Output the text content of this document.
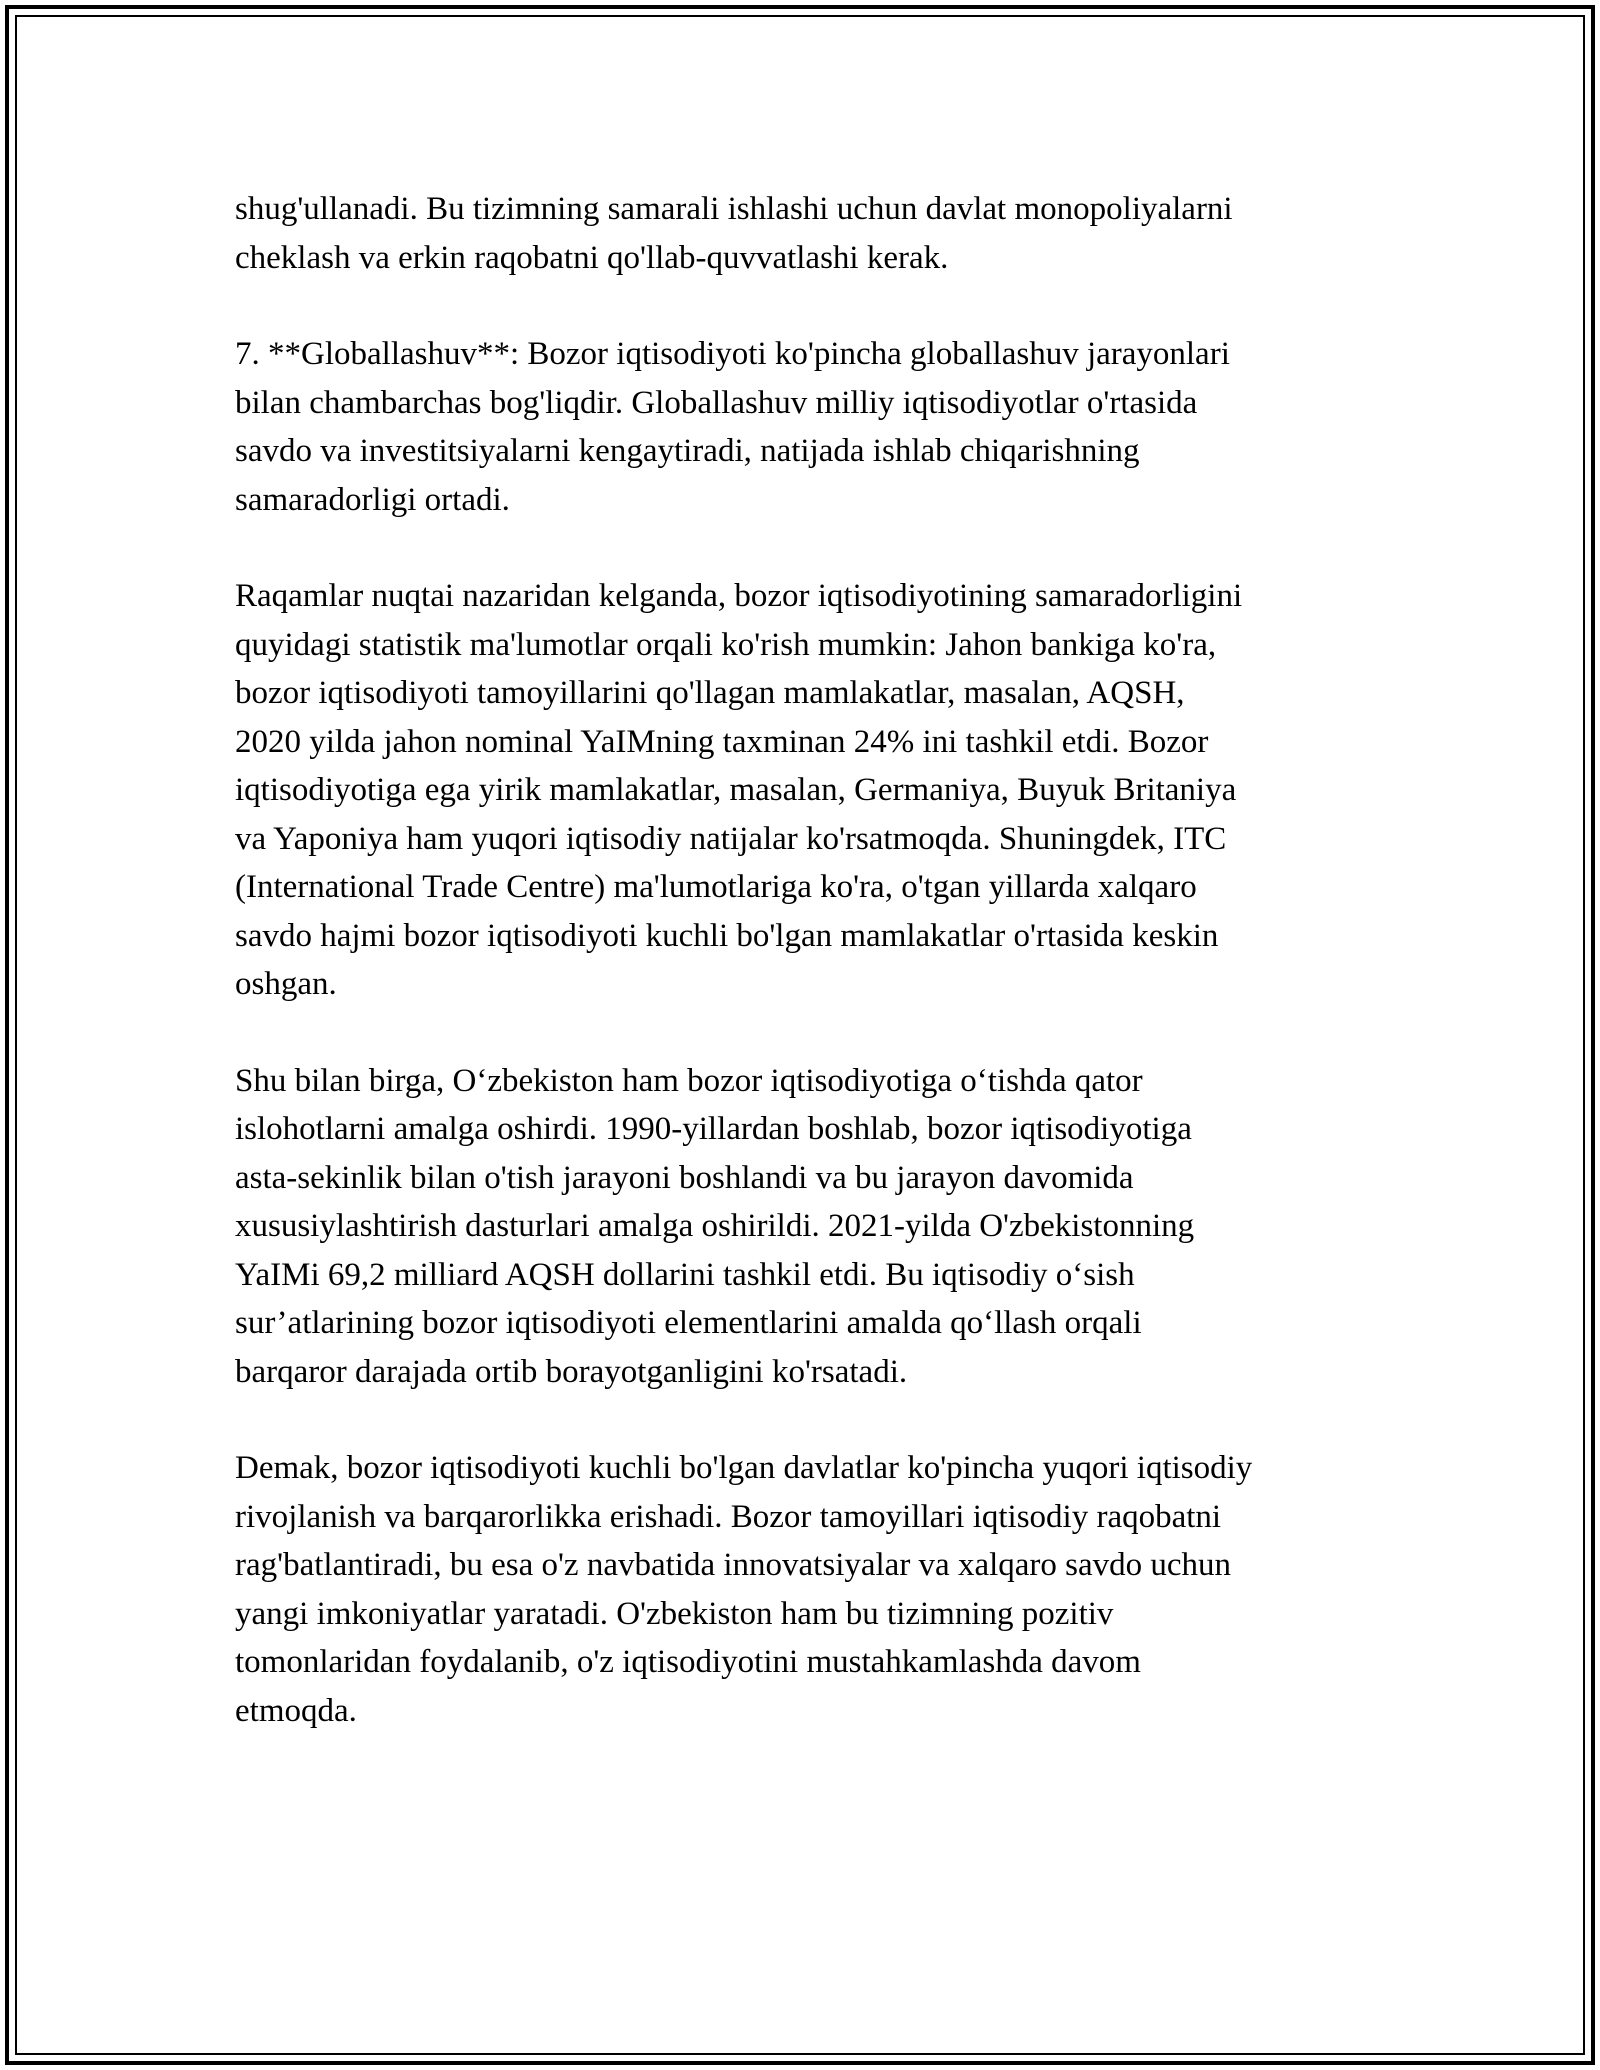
shug'ullanadi. Bu tizimning samarali ishlashi uchun davlat monopoliyalarni
cheklash va erkin raqobatni qo'llab-quvvatlashi kerak.

7. **Globallashuv**: Bozor iqtisodiyoti ko'pincha globallashuv jarayonlari
bilan chambarchas bog'liqdir. Globallashuv milliy iqtisodiyotlar o'rtasida
savdo va investitsiyalarni kengaytiradi, natijada ishlab chiqarishning
samaradorligi ortadi.

Raqamlar nuqtai nazaridan kelganda, bozor iqtisodiyotining samaradorligini
quyidagi statistik ma'lumotlar orqali ko'rish mumkin: Jahon bankiga ko'ra,
bozor iqtisodiyoti tamoyillarini qo'llagan mamlakatlar, masalan, AQSH,
2020 yilda jahon nominal YaIMning taxminan 24% ini tashkil etdi. Bozor
iqtisodiyotiga ega yirik mamlakatlar, masalan, Germaniya, Buyuk Britaniya
va Yaponiya ham yuqori iqtisodiy natijalar ko'rsatmoqda. Shuningdek, ITC
(International Trade Centre) ma'lumotlariga ko'ra, o'tgan yillarda xalqaro
savdo hajmi bozor iqtisodiyoti kuchli bo'lgan mamlakatlar o'rtasida keskin
oshgan.

Shu bilan birga, O‘zbekiston ham bozor iqtisodiyotiga o‘tishda qator
islohotlarni amalga oshirdi. 1990-yillardan boshlab, bozor iqtisodiyotiga
asta-sekinlik bilan o'tish jarayoni boshlandi va bu jarayon davomida
xususiylashtirish dasturlari amalga oshirildi. 2021-yilda O'zbekistonning
YaIMi 69,2 milliard AQSH dollarini tashkil etdi. Bu iqtisodiy o‘sish
sur’atlarining bozor iqtisodiyoti elementlarini amalda qo‘llash orqali
barqaror darajada ortib borayotganligini ko'rsatadi.

Demak, bozor iqtisodiyoti kuchli bo'lgan davlatlar ko'pincha yuqori iqtisodiy
rivojlanish va barqarorlikka erishadi. Bozor tamoyillari iqtisodiy raqobatni
rag'batlantiradi, bu esa o'z navbatida innovatsiyalar va xalqaro savdo uchun
yangi imkoniyatlar yaratadi. O'zbekiston ham bu tizimning pozitiv
tomonlaridan foydalanib, o'z iqtisodiyotini mustahkamlashda davom
etmoqda.
